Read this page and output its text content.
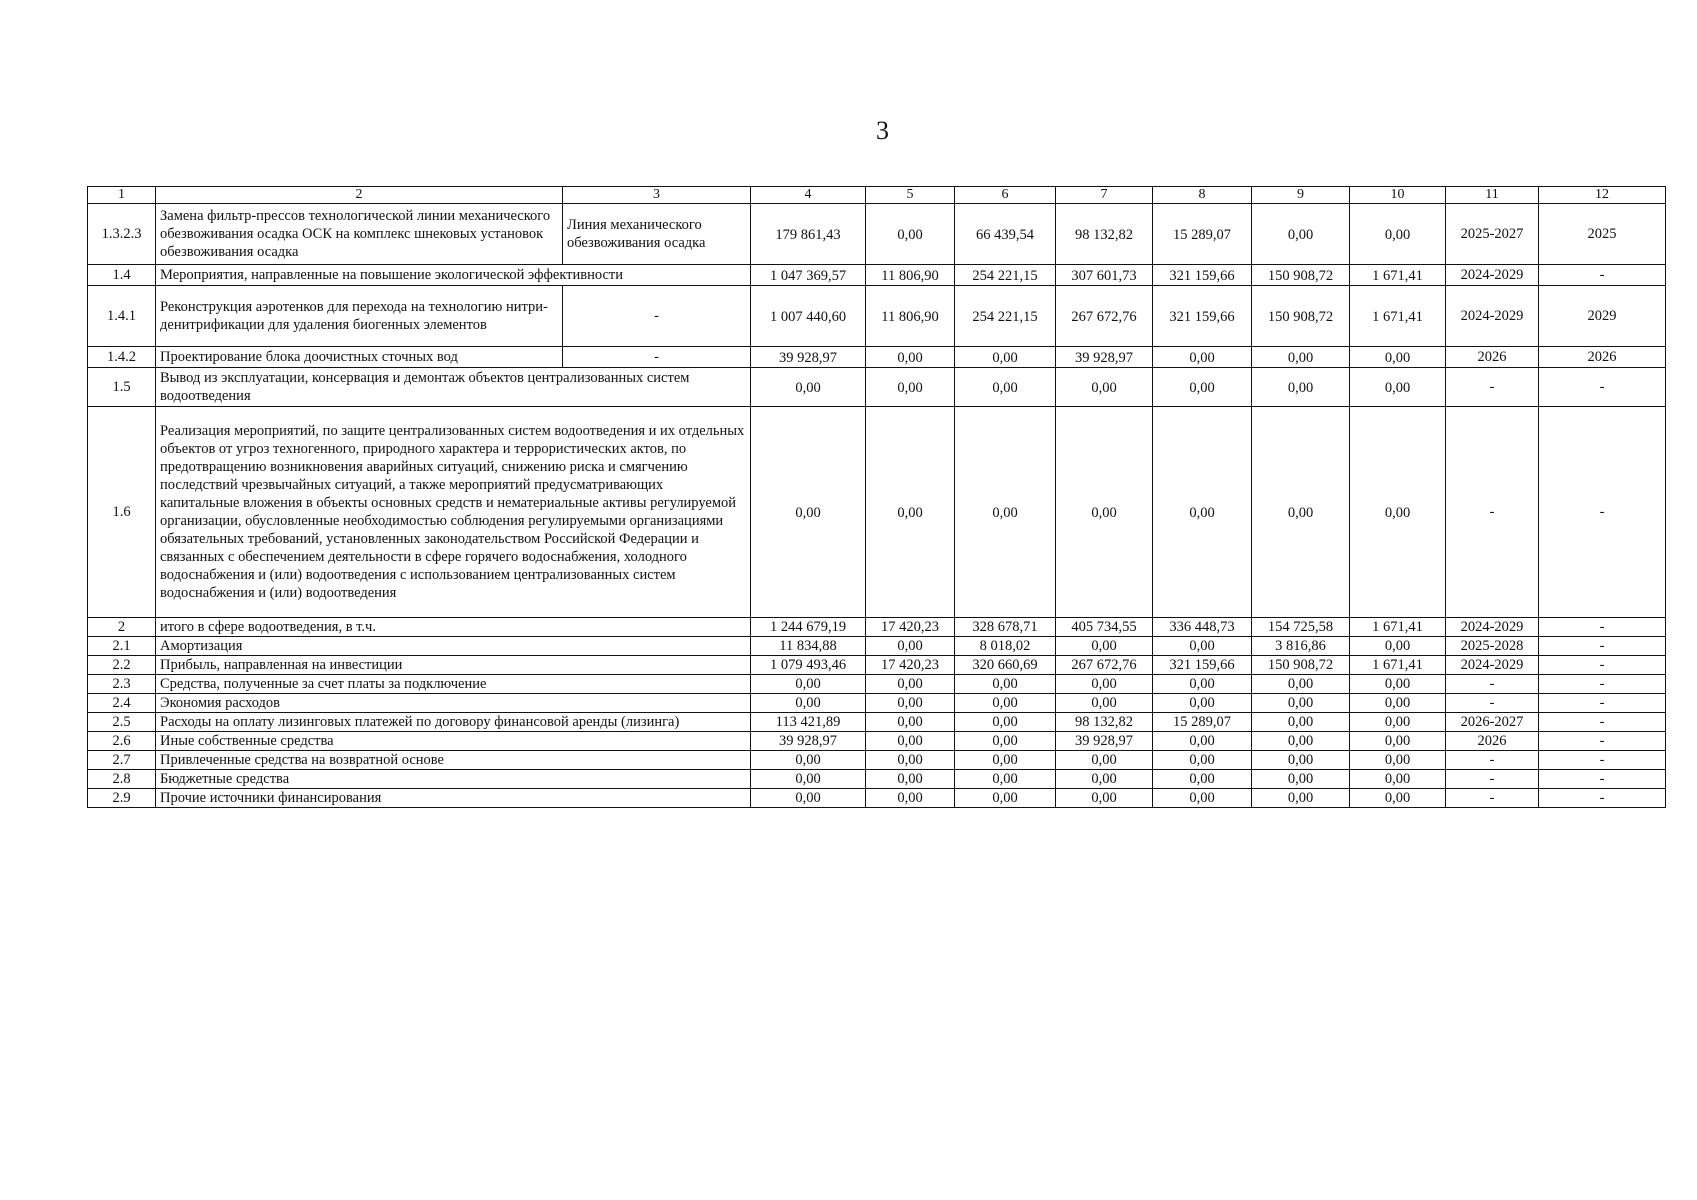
3
1	2	3	4	5	6	7	8	9	10	11	12
1.3.2.3	Замена фильтр-прессов технологической линии механического обезвоживания осадка ОСК на комплекс шнековых установок обезвоживания осадка	Линия механического обезвоживания осадка	179 861,43	0,00	66 439,54	98 132,82	15 289,07	0,00	0,00	2025-2027	2025
1.4	Мероприятия, направленные на повышение экологической эффективности		1 047 369,57	11 806,90	254 221,15	307 601,73	321 159,66	150 908,72	1 671,41	2024-2029	-
1.4.1	Реконструкция аэротенков для перехода на технологию нитри-денитрификации для удаления биогенных элементов	-	1 007 440,60	11 806,90	254 221,15	267 672,76	321 159,66	150 908,72	1 671,41	2024-2029	2029
1.4.2	Проектирование блока доочистных сточных вод	-	39 928,97	0,00	0,00	39 928,97	0,00	0,00	0,00	2026	2026
1.5	Вывод из эксплуатации, консервация и демонтаж объектов централизованных систем водоотведения		0,00	0,00	0,00	0,00	0,00	0,00	0,00	-	-
1.6	Реализация мероприятий, по защите централизованных систем водоотведения и их отдельных объектов от угроз техногенного, природного характера и террористических актов, по предотвращению возникновения аварийных ситуаций, снижению риска и смягчению последствий чрезвычайных ситуаций, а также мероприятий предусматривающих капитальные вложения в объекты основных средств и нематериальные активы регулируемой организации, обусловленные необходимостью соблюдения регулируемыми организациями обязательных требований, установленных законодательством Российской Федерации и связанных с обеспечением деятельности в сфере горячего водоснабжения, холодного водоснабжения и (или) водоотведения с использованием централизованных систем водоснабжения и (или) водоотведения		0,00	0,00	0,00	0,00	0,00	0,00	0,00	-	-
2	итого в сфере водоотведения, в т.ч.		1 244 679,19	17 420,23	328 678,71	405 734,55	336 448,73	154 725,58	1 671,41	2024-2029	-
2.1	Амортизация		11 834,88	0,00	8 018,02	0,00	0,00	3 816,86	0,00	2025-2028	-
2.2	Прибыль, направленная на инвестиции		1 079 493,46	17 420,23	320 660,69	267 672,76	321 159,66	150 908,72	1 671,41	2024-2029	-
2.3	Средства, полученные за счет платы за подключение		0,00	0,00	0,00	0,00	0,00	0,00	0,00	-	-
2.4	Экономия расходов		0,00	0,00	0,00	0,00	0,00	0,00	0,00	-	-
2.5	Расходы на оплату лизинговых платежей по договору финансовой аренды (лизинга)		113 421,89	0,00	0,00	98 132,82	15 289,07	0,00	0,00	2026-2027	-
2.6	Иные собственные средства		39 928,97	0,00	0,00	39 928,97	0,00	0,00	0,00	2026	-
2.7	Привлеченные средства на возвратной основе		0,00	0,00	0,00	0,00	0,00	0,00	0,00	-	-
2.8	Бюджетные средства		0,00	0,00	0,00	0,00	0,00	0,00	0,00	-	-
2.9	Прочие источники финансирования		0,00	0,00	0,00	0,00	0,00	0,00	0,00	-	-
